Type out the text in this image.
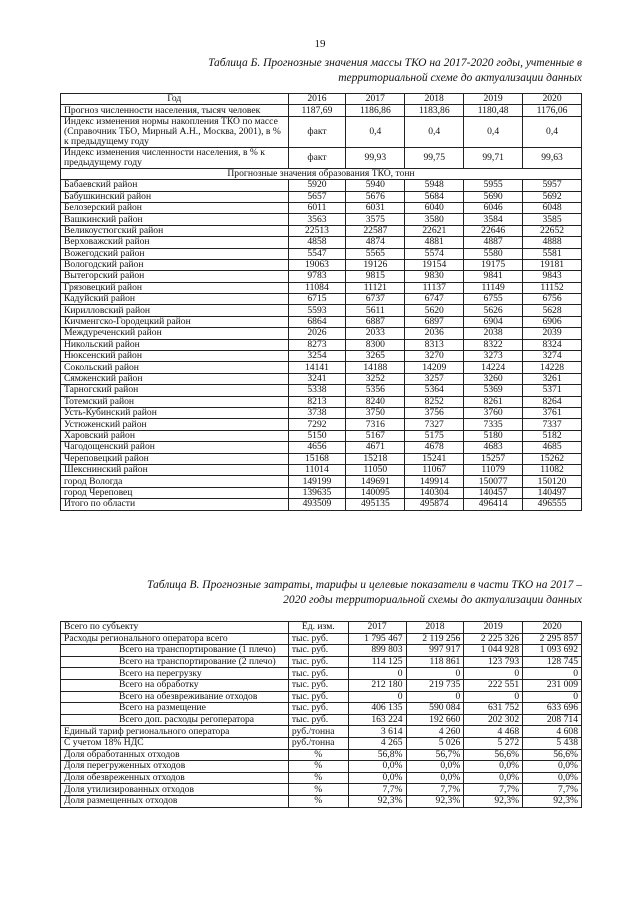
19
Таблица Б. Прогнозные значения массы ТКО на 2017-2020 годы, учтенные в
территориальной схеме до актуализации данных
Год	2016	2017	2018	2019	2020
Прогноз численности населения, тысяч человек	1187,69	1186,86	1183,86	1180,48	1176,06
Индекс изменения нормы накопления ТКО по массе (Справочник ТБО, Мирный А.Н., Москва, 2001), в % к предыдущему году	факт	0,4	0,4	0,4	0,4
Индекс изменения численности населения, в % к предыдущему году	факт	99,93	99,75	99,71	99,63
Прогнозные значения образования ТКО, тонн					
Бабаевский район	5920	5940	5948	5955	5957
Бабушкинский район	5657	5676	5684	5690	5692
Белозерский район	6011	6031	6040	6046	6048
Вашкинский район	3563	3575	3580	3584	3585
Великоустюгский район	22513	22587	22621	22646	22652
Верховажский район	4858	4874	4881	4887	4888
Вожегодский район	5547	5565	5574	5580	5581
Вологодский район	19063	19126	19154	19175	19181
Вытегорский район	9783	9815	9830	9841	9843
Грязовецкий район	11084	11121	11137	11149	11152
Кадуйский район	6715	6737	6747	6755	6756
Кирилловский район	5593	5611	5620	5626	5628
Кичменгско-Городецкий район	6864	6887	6897	6904	6906
Междуреченский район	2026	2033	2036	2038	2039
Никольский район	8273	8300	8313	8322	8324
Нюксенский район	3254	3265	3270	3273	3274
Сокольский район	14141	14188	14209	14224	14228
Сямженский район	3241	3252	3257	3260	3261
Тарногский район	5338	5356	5364	5369	5371
Тотемский район	8213	8240	8252	8261	8264
Усть-Кубинский район	3738	3750	3756	3760	3761
Устюженский район	7292	7316	7327	7335	7337
Харовский район	5150	5167	5175	5180	5182
Чагодощенский район	4656	4671	4678	4683	4685
Череповецкий район	15168	15218	15241	15257	15262
Шекснинский район	11014	11050	11067	11079	11082
город Вологда	149199	149691	149914	150077	150120
город Череповец	139635	140095	140304	140457	140497
Итого по области	493509	495135	495874	496414	496555
Таблица В. Прогнозные затраты, тарифы и целевые показатели в части ТКО на 2017 –
2020 годы территориальной схемы до актуализации данных
Всего по субъекту	Ед. изм.	2017	2018	2019	2020
Расходы регионального оператора всего	тыс. руб.	1 795 467	2 119 256	2 225 326	2 295 857
Всего на транспортирование (1 плечо)	тыс. руб.	899 803	997 917	1 044 928	1 093 692
Всего на транспортирование (2 плечо)	тыс. руб.	114 125	118 861	123 793	128 745
Всего на перегрузку	тыс. руб.	0	0	0	0
Всего на обработку	тыс. руб.	212 180	219 735	222 551	231 009
Всего на обезвреживание отходов	тыс. руб.	0	0	0	0
Всего на размещение	тыс. руб.	406 135	590 084	631 752	633 696
Всего доп. расходы регоператора	тыс. руб.	163 224	192 660	202 302	208 714
Единый тариф регионального оператора	руб./тонна	3 614	4 260	4 468	4 608
С учетом 18% НДС	руб./тонна	4 265	5 026	5 272	5 438
Доля обработанных отходов	%	56,8%	56,7%	56,6%	56,6%
Доля перегруженных отходов	%	0,0%	0,0%	0,0%	0,0%
Доля обезвреженных отходов	%	0,0%	0,0%	0,0%	0,0%
Доля утилизированных отходов	%	7,7%	7,7%	7,7%	7,7%
Доля размещенных отходов	%	92,3%	92,3%	92,3%	92,3%
